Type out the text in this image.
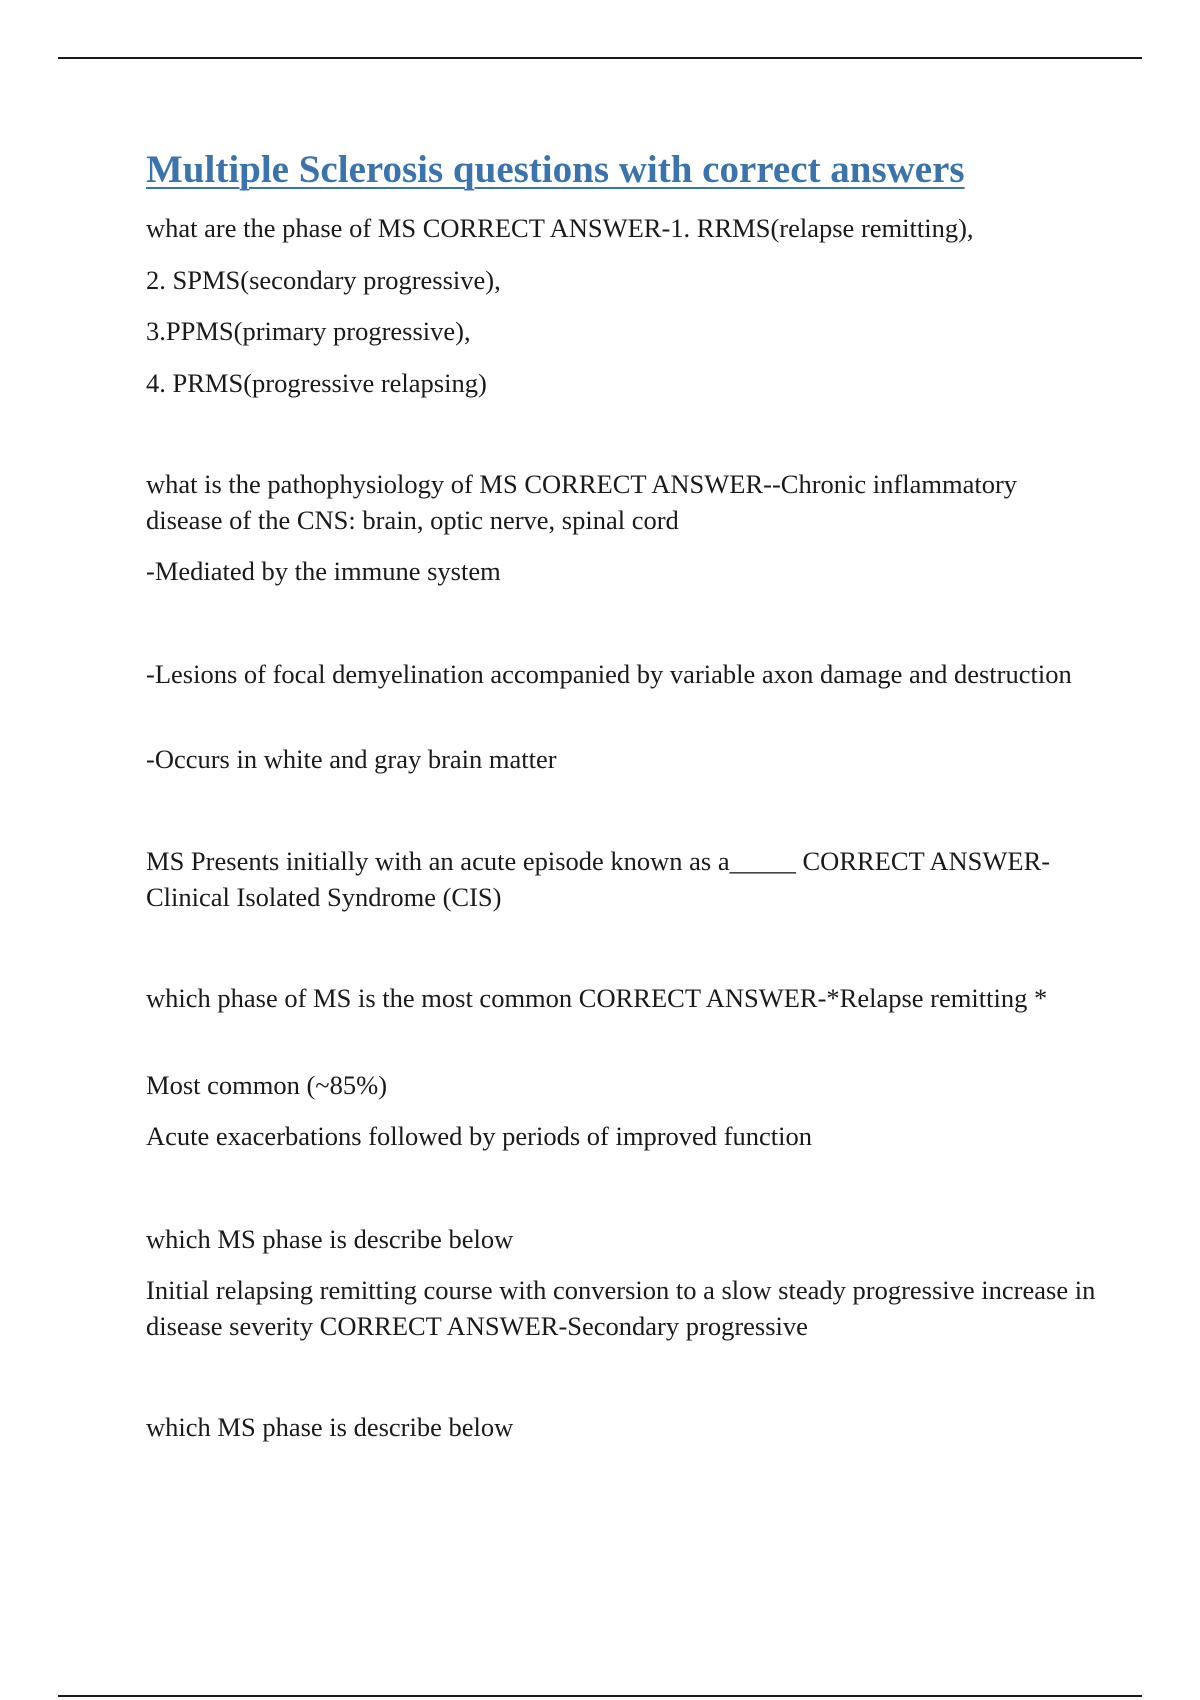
Multiple Sclerosis questions with correct answers

what are the phase of MS CORRECT ANSWER-1. RRMS(relapse remitting),

2. SPMS(secondary progressive),

3.PPMS(primary progressive),

4. PRMS(progressive relapsing)

what is the pathophysiology of MS CORRECT ANSWER--Chronic inflammatory disease of the CNS: brain, optic nerve, spinal cord

-Mediated by the immune system

-Lesions of focal demyelination accompanied by variable axon damage and destruction

-Occurs in white and gray brain matter

MS Presents initially with an acute episode known as a_____ CORRECT ANSWER-Clinical Isolated Syndrome (CIS)

which phase of MS is the most common CORRECT ANSWER-*Relapse remitting *

Most common (~85%)

Acute exacerbations followed by periods of improved function

which MS phase is describe below

Initial relapsing remitting course with conversion to a slow steady progressive increase in disease severity CORRECT ANSWER-Secondary progressive

which MS phase is describe below
